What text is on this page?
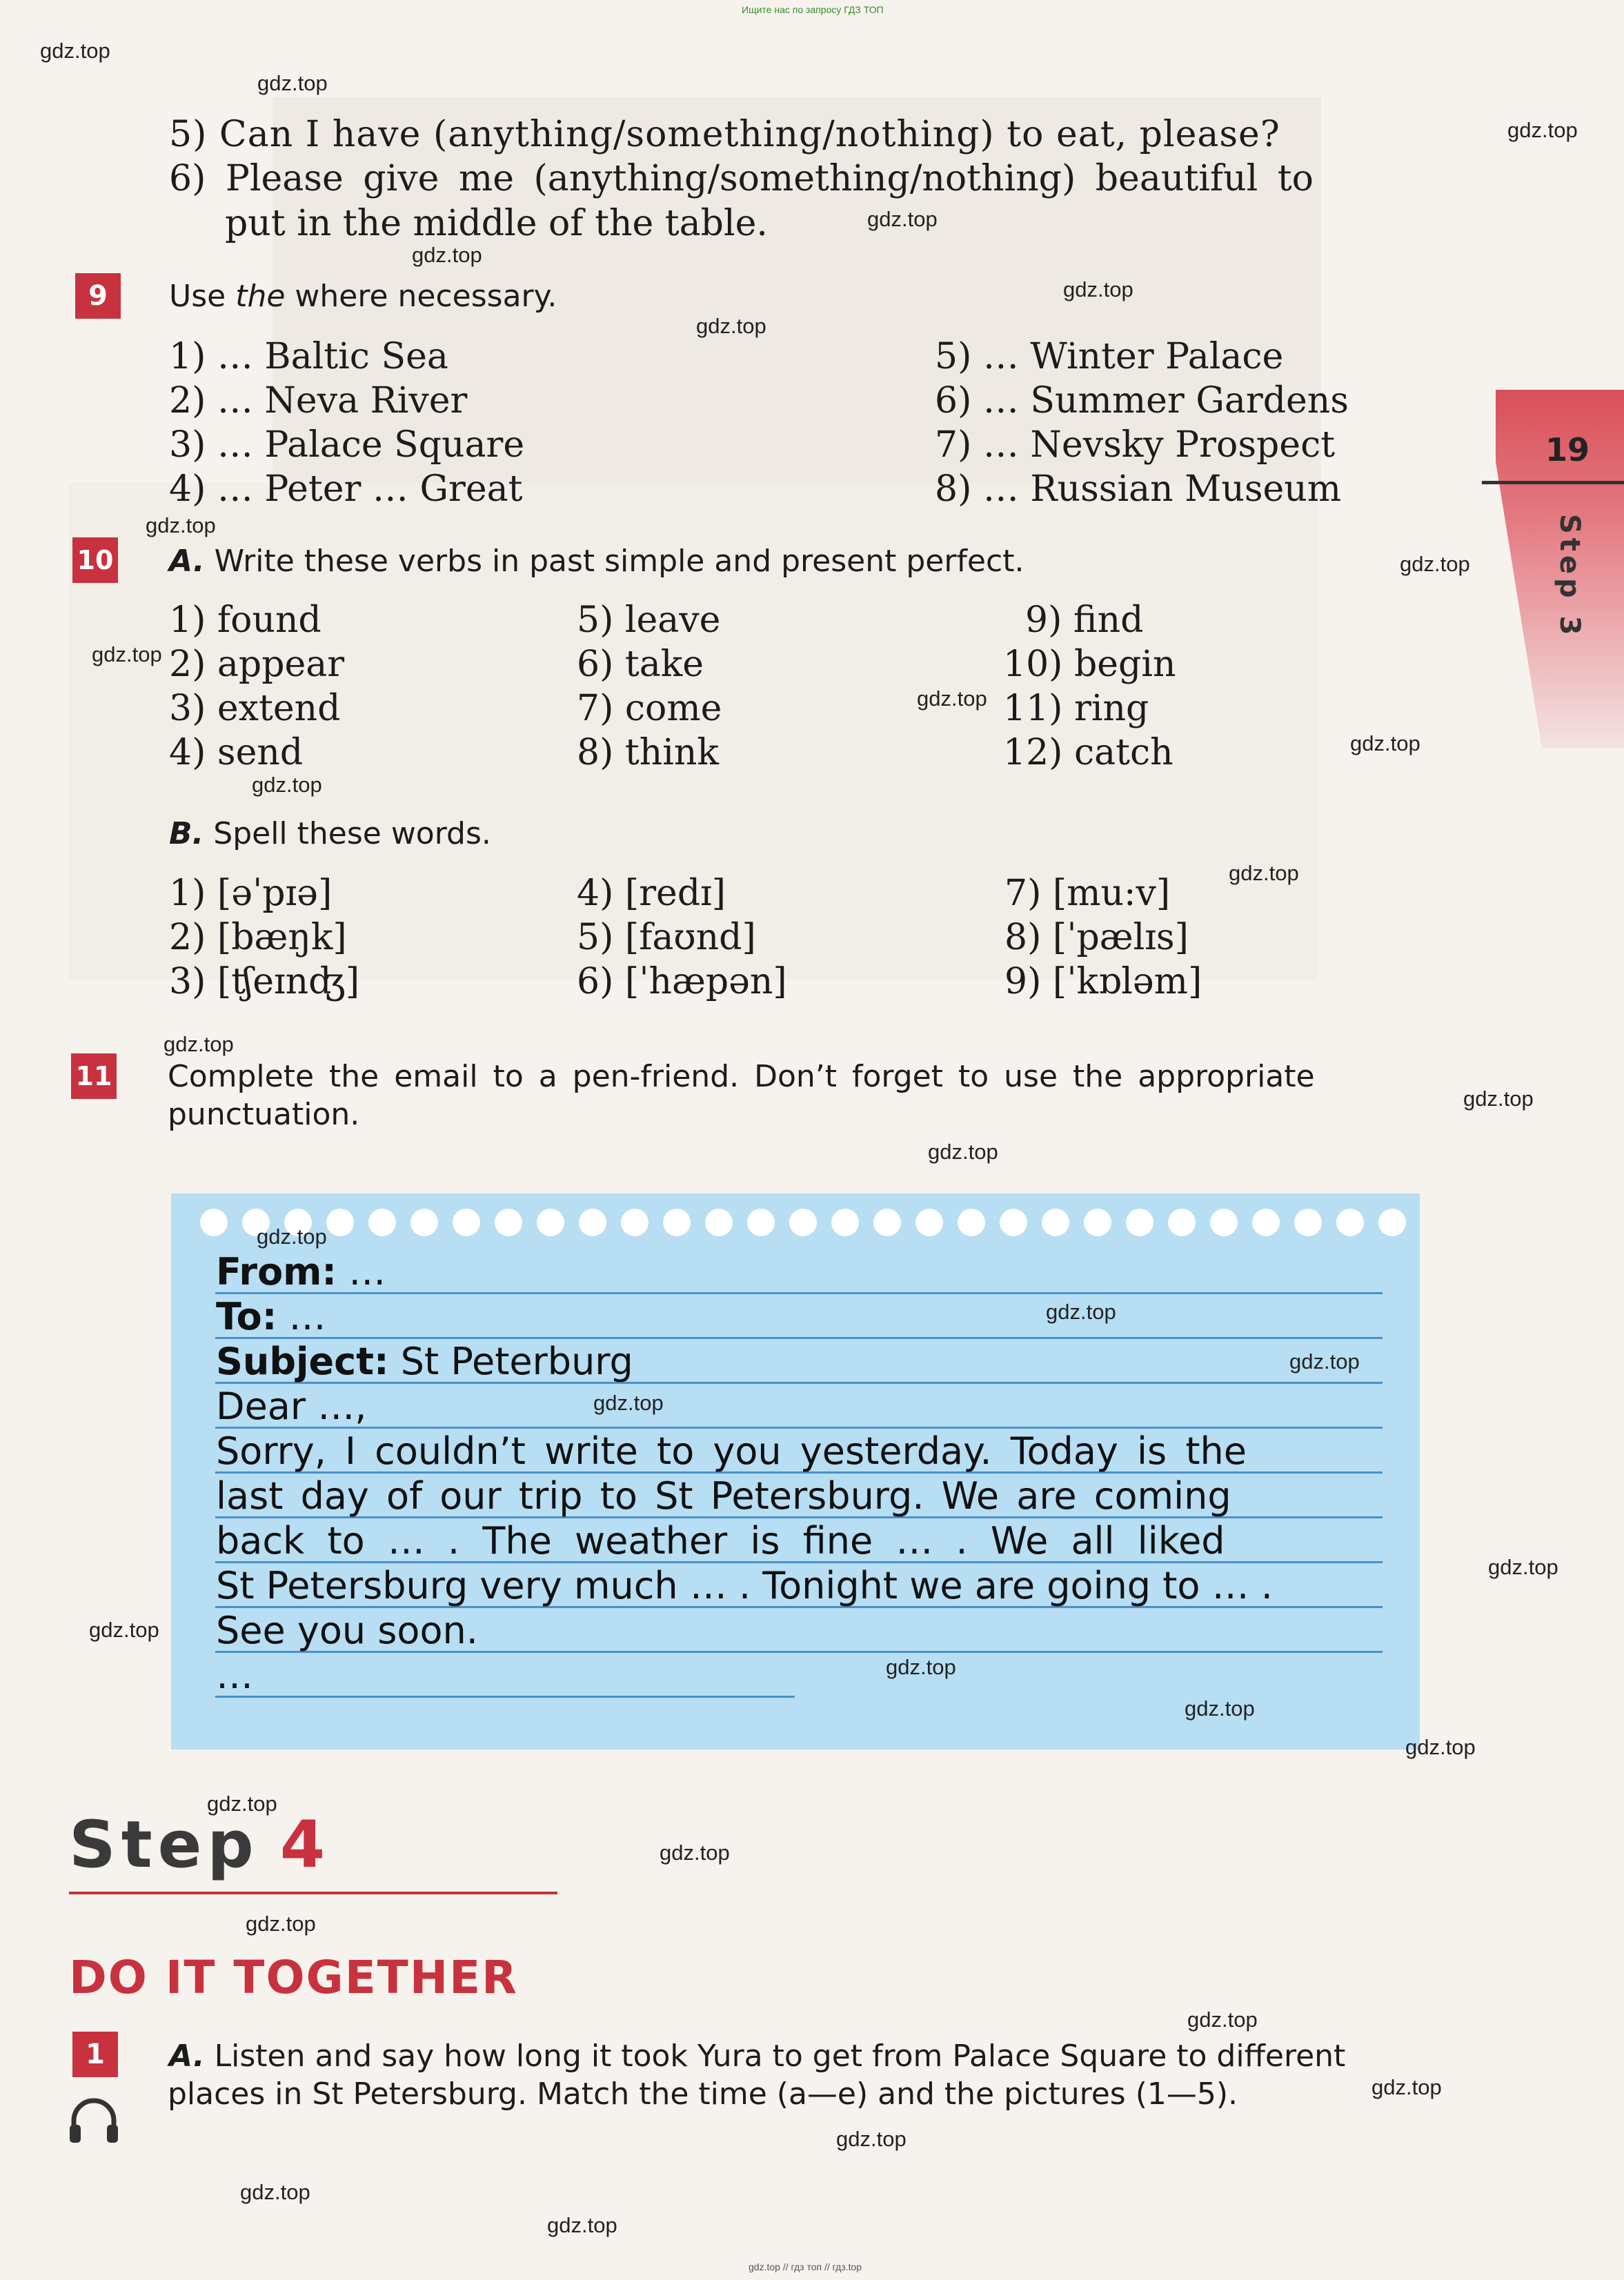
Ищите нас по запросу ГДЗ ТОП
19
Step 3
5) Can I have (anything/something/nothing) to eat, please?
6) Please give me (anything/something/nothing) beautiful to
put in the middle of the table.
9	Use the where necessary.
1) … Baltic Sea
2) … Neva River
3) … Palace Square
4) … Peter … Great
5) … Winter Palace
6) … Summer Gardens
7) … Nevsky Prospect
8) … Russian Museum
10 A. Write these verbs in past simple and present perfect.
1) found
2) appear
3) extend
4) send
5) leave
6) take
7) come
8) think
9) find
10) begin
11) ring
12) catch
B. Spell these words.
1) [əˈpɪə]
2) [bæŋk]
3) [ʧeɪnʤ]
4) [redɪ]
5) [faʊnd]
6) [ˈhæpən]
7) [mu:v]
8) [ˈpælɪs]
9) [ˈkɒləm]
11 Complete the email to a pen-friend. Don’t forget to use the appropriate
punctuation.
From: …
To: …
Subject: St Peterburg
Dear …,
Sorry, I couldn’t write to you yesterday. Today is the
last day of our trip to St Petersburg. We are coming
back to … . The weather is fine … . We all liked
St Petersburg very much … . Tonight we are going to … .
See you soon.
…
Step 4
DO IT TOGETHER
1	A. Listen and say how long it took Yura to get from Palace Square to different
places in St Petersburg. Match the time (a—e) and the pictures (1—5).
gdz.top
gdz.top
gdz.top
gdz.top
gdz.top
gdz.top
gdz.top
gdz.top
gdz.top
gdz.top
gdz.top
gdz.top
gdz.top
gdz.top
gdz.top
gdz.top
gdz.top
gdz.top
gdz.top
gdz.top
gdz.top
gdz.top
gdz.top
gdz.top
gdz.top
gdz.top
gdz.top
gdz.top
gdz.top
gdz.top
gdz.top
gdz.top
gdz.top
gdz.top
gdz.top // гдз топ // гдз.top
